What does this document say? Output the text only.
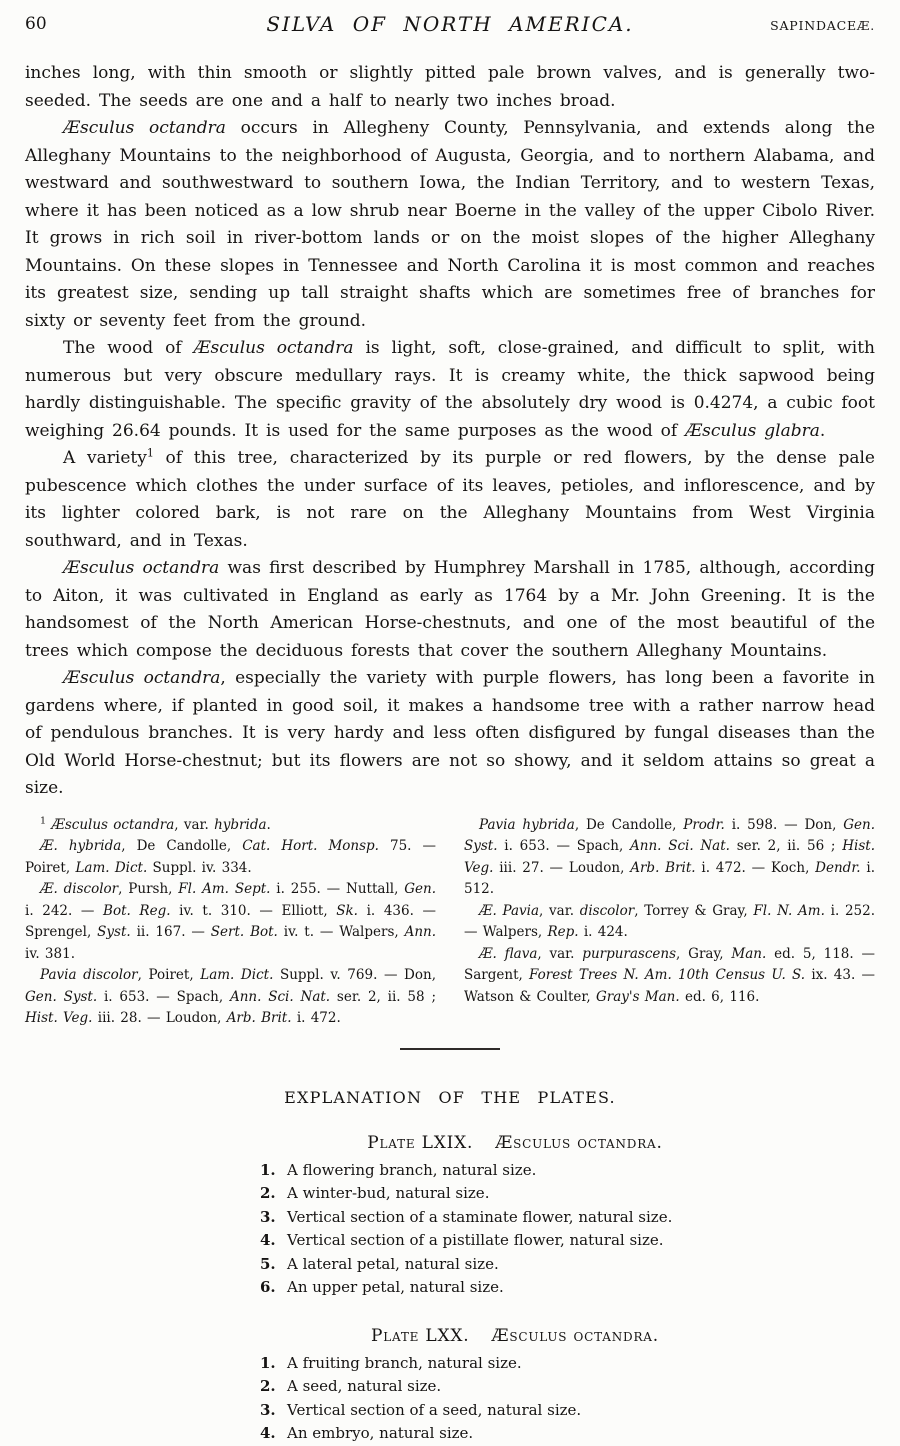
60	SILVA OF NORTH AMERICA.	SAPINDACEÆ.

inches long, with thin smooth or slightly pitted pale brown valves, and is generally two-seeded. The seeds are one and a half to nearly two inches broad.

Æsculus octandra occurs in Allegheny County, Pennsylvania, and extends along the Alleghany Mountains to the neighborhood of Augusta, Georgia, and to northern Alabama, and westward and southwestward to southern Iowa, the Indian Territory, and to western Texas, where it has been noticed as a low shrub near Boerne in the valley of the upper Cibolo River. It grows in rich soil in river-bottom lands or on the moist slopes of the higher Alleghany Mountains. On these slopes in Tennessee and North Carolina it is most common and reaches its greatest size, sending up tall straight shafts which are sometimes free of branches for sixty or seventy feet from the ground.

The wood of Æsculus octandra is light, soft, close-grained, and difficult to split, with numerous but very obscure medullary rays. It is creamy white, the thick sapwood being hardly distinguishable. The specific gravity of the absolutely dry wood is 0.4274, a cubic foot weighing 26.64 pounds. It is used for the same purposes as the wood of Æsculus glabra.

A variety$^1$ of this tree, characterized by its purple or red flowers, by the dense pale pubescence which clothes the under surface of its leaves, petioles, and inflorescence, and by its lighter colored bark, is not rare on the Alleghany Mountains from West Virginia southward, and in Texas.

Æsculus octandra was first described by Humphrey Marshall in 1785, although, according to Aiton, it was cultivated in England as early as 1764 by a Mr. John Greening. It is the handsomest of the North American Horse-chestnuts, and one of the most beautiful of the trees which compose the deciduous forests that cover the southern Alleghany Mountains.

Æsculus octandra, especially the variety with purple flowers, has long been a favorite in gardens where, if planted in good soil, it makes a handsome tree with a rather narrow head of pendulous branches. It is very hardy and less often disfigured by fungal diseases than the Old World Horse-chestnut; but its flowers are not so showy, and it seldom attains so great a size.

$^1$ Æsculus octandra, var. hybrida.

Æ. hybrida, De Candolle, Cat. Hort. Monsp. 75. — Poiret, Lam. Dict. Suppl. iv. 334.

Æ. discolor, Pursh, Fl. Am. Sept. i. 255. — Nuttall, Gen. i. 242. — Bot. Reg. iv. t. 310. — Elliott, Sk. i. 436. — Sprengel, Syst. ii. 167. — Sert. Bot. iv. t. — Walpers, Ann. iv. 381.

Pavia discolor, Poiret, Lam. Dict. Suppl. v. 769. — Don, Gen. Syst. i. 653. — Spach, Ann. Sci. Nat. ser. 2, ii. 58 ; Hist. Veg. iii. 28. — Loudon, Arb. Brit. i. 472.

Pavia hybrida, De Candolle, Prodr. i. 598. — Don, Gen. Syst. i. 653. — Spach, Ann. Sci. Nat. ser. 2, ii. 56 ; Hist. Veg. iii. 27. — Loudon, Arb. Brit. i. 472. — Koch, Dendr. i. 512.

Æ. Pavia, var. discolor, Torrey & Gray, Fl. N. Am. i. 252. — Walpers, Rep. i. 424.

Æ. flava, var. purpurascens, Gray, Man. ed. 5, 118. — Sargent, Forest Trees N. Am. 10th Census U. S. ix. 43. — Watson & Coulter, Gray's Man. ed. 6, 116.

EXPLANATION OF THE PLATES.
Plate LXIX. Æsculus octandra.
1. A flowering branch, natural size.
2. A winter-bud, natural size.
3. Vertical section of a staminate flower, natural size.
4. Vertical section of a pistillate flower, natural size.
5. A lateral petal, natural size.
6. An upper petal, natural size.
Plate LXX. Æsculus octandra.
1. A fruiting branch, natural size.
2. A seed, natural size.
3. Vertical section of a seed, natural size.
4. An embryo, natural size.
